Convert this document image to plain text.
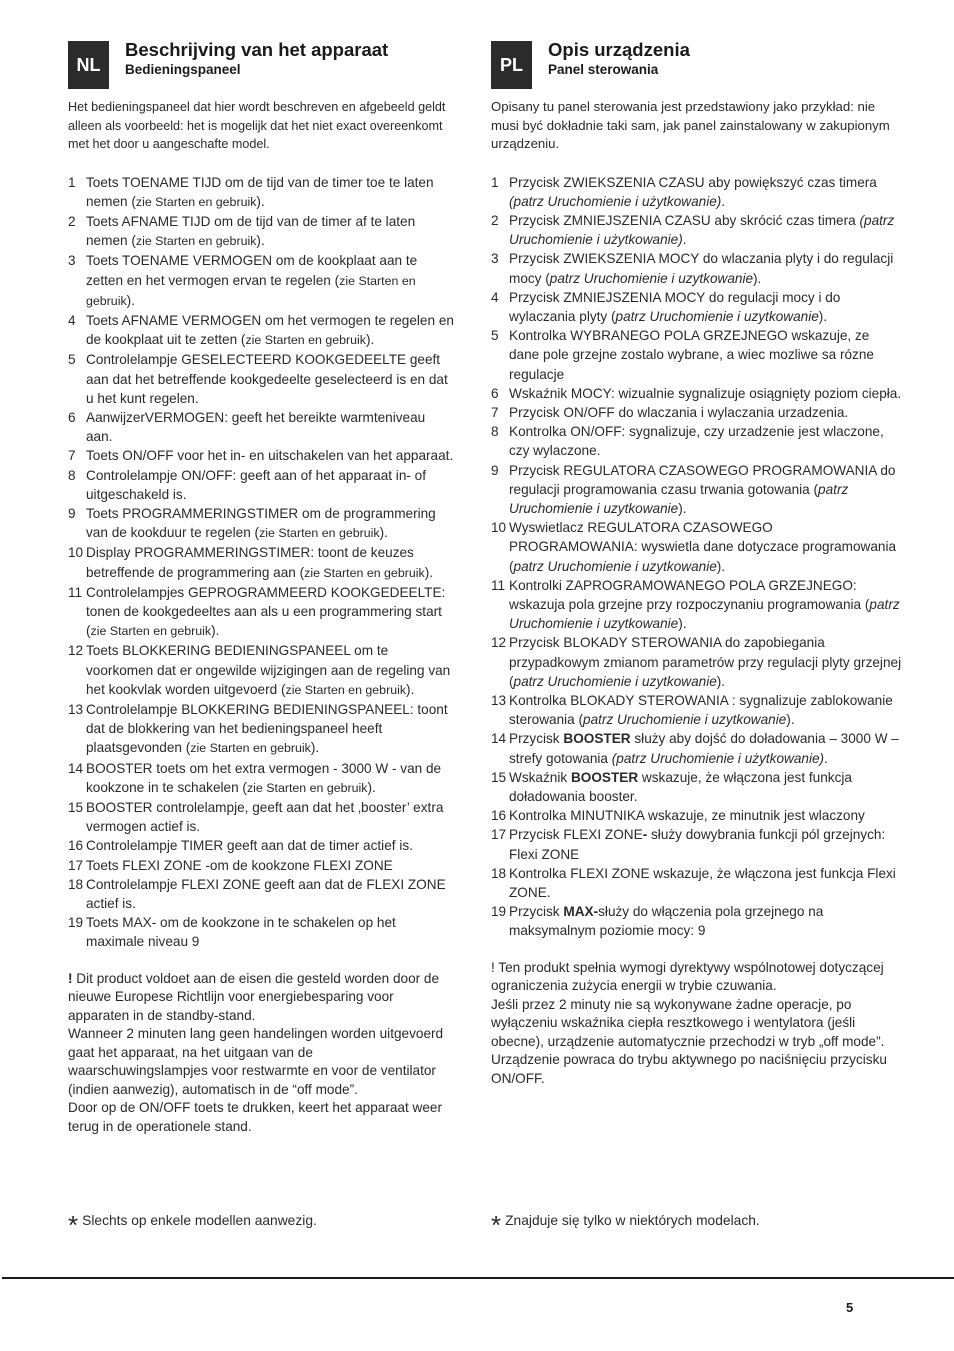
NL
Beschrijving van het apparaat
Bedieningspaneel
Het bedieningspaneel dat hier wordt beschreven en afgebeeld geldt alleen als voorbeeld: het is mogelijk dat het niet exact overeenkomt met het door u aangeschafte model.
1 Toets TOENAME TIJD om de tijd van de timer toe te laten nemen (zie Starten en gebruik).
2 Toets AFNAME TIJD om de tijd van de timer af te laten nemen (zie Starten en gebruik).
3 Toets TOENAME VERMOGEN om de kookplaat aan te zetten en het vermogen ervan te regelen (zie Starten en gebruik).
4 Toets AFNAME VERMOGEN om het vermogen te regelen en de kookplaat uit te zetten (zie Starten en gebruik).
5 Controlelampje GESELECTEERD KOOKGEDEELTE geeft aan dat het betreffende kookgedeelte geselecteerd is en dat u het kunt regelen.
6 AanwijzerVERMOGEN: geeft het bereikte warmteniveau aan.
7 Toets ON/OFF voor het in- en uitschakelen van het apparaat.
8 Controlelampje ON/OFF: geeft aan of het apparaat in- of uitgeschakeld is.
9 Toets PROGRAMMERINGSTIMER om de programmering van de kookduur te regelen (zie Starten en gebruik).
10 Display PROGRAMMERINGSTIMER: toont de keuzes betreffende de programmering aan (zie Starten en gebruik).
11 Controlelampjes GEPROGRAMMEERD KOOKGEDEELTE: tonen de kookgedeeltes aan als u een programmering start (zie Starten en gebruik).
12 Toets BLOKKERING BEDIENINGSPANEEL om te voorkomen dat er ongewilde wijzigingen aan de regeling van het kookvlak worden uitgevoerd (zie Starten en gebruik).
13 Controlelampje BLOKKERING BEDIENINGSPANEEL: toont dat de blokkering van het bedieningspaneel heeft plaatsgevonden (zie Starten en gebruik).
14 BOOSTER toets om het extra vermogen - 3000 W - van de kookzone in te schakelen (zie Starten en gebruik).
15 BOOSTER controlelampje, geeft aan dat het ‚booster’ extra vermogen actief is.
16 Controlelampje TIMER geeft aan dat de timer actief is.
17 Toets FLEXI ZONE -om de kookzone FLEXI ZONE
18 Controlelampje FLEXI ZONE geeft aan dat de FLEXI ZONE actief is.
19 Toets MAX- om de kookzone in te schakelen op het maximale niveau 9
! Dit product voldoet aan de eisen die gesteld worden door de nieuwe Europese Richtlijn voor energiebesparing voor apparaten in de standby-stand.
Wanneer 2 minuten lang geen handelingen worden uitgevoerd gaat het apparaat, na het uitgaan van de waarschuwingslampjes voor restwarmte en voor de ventilator (indien aanwezig), automatisch in de “off mode”.
Door op de ON/OFF toets te drukken, keert het apparaat weer terug in de operationele stand.
PL
Opis urządzenia
Panel sterowania
Opisany tu panel sterowania jest przedstawiony jako przykład: nie musi być dokładnie taki sam, jak panel zainstalowany w zakupionym urządzeniu.
1 Przycisk ZWIEKSZENIA CZASU aby powiększyć czas timera (patrz Uruchomienie i użytkowanie).
2 Przycisk ZMNIEJSZENIA CZASU aby skrócić czas timera (patrz Uruchomienie i użytkowanie).
3 Przycisk ZWIEKSZENIA MOCY do wlaczania plyty i do regulacji mocy (patrz Uruchomienie i uzytkowanie).
4 Przycisk ZMNIEJSZENIA MOCY do regulacji mocy i do wylaczania plyty (patrz Uruchomienie i uzytkowanie).
5 Kontrolka WYBRANEGO POLA GRZEJNEGO wskazuje, ze dane pole grzejne zostalo wybrane, a wiec mozliwe sa rózne regulacje
6 Wskaźnik MOCY: wizualnie sygnalizuje osiągnięty poziom ciepła.
7 Przycisk ON/OFF do wlaczania i wylaczania urzadzenia.
8 Kontrolka ON/OFF: sygnalizuje, czy urzadzenie jest wlaczone, czy wylaczone.
9 Przycisk REGULATORA CZASOWEGO PROGRAMOWANIA do regulacji programowania czasu trwania gotowania (patrz Uruchomienie i uzytkowanie).
10 Wyswietlacz REGULATORA CZASOWEGO PROGRAMOWANIA: wyswietla dane dotyczace programowania (patrz Uruchomienie i uzytkowanie).
11 Kontrolki ZAPROGRAMOWANEGO POLA GRZEJNEGO: wskazuja pola grzejne przy rozpoczynaniu programowania (patrz Uruchomienie i uzytkowanie).
12 Przycisk BLOKADY STEROWANIA do zapobiegania przypadkowym zmianom parametrów przy regulacji plyty grzejnej (patrz Uruchomienie i uzytkowanie).
13 Kontrolka BLOKADY STEROWANIA : sygnalizuje zablokowanie sterowania (patrz Uruchomienie i uzytkowanie).
14 Przycisk BOOSTER służy aby dojść do doładowania – 3000 W – strefy gotowania (patrz Uruchomienie i użytkowanie).
15 Wskaźnik BOOSTER wskazuje, że włączona jest funkcja doładowania booster.
16 Kontrolka MINUTNIKA wskazuje, ze minutnik jest wlaczony
17 Przycisk FLEXI ZONE- służy dowybrania funkcji pól grzejnych: Flexi ZONE
18 Kontrolka FLEXI ZONE wskazuje, że włączona jest funkcja Flexi ZONE.
19 Przycisk MAX-służy do włączenia pola grzejnego na maksymalnym poziomie mocy: 9
! Ten produkt spełnia wymogi dyrektywy wspólnotowej dotyczącej ograniczenia zużycia energii w trybie czuwania.
Jeśli przez 2 minuty nie są wykonywane żadne operacje, po wyłączeniu wskaźnika ciepła resztkowego i wentylatora (jeśli obecne), urządzenie automatycznie przechodzi w tryb „off mode”. Urządzenie powraca do trybu aktywnego po naciśnięciu przycisku ON/OFF.
* Slechts op enkele modellen aanwezig.	* Znajduje się tylko w niektórych modelach.
5
